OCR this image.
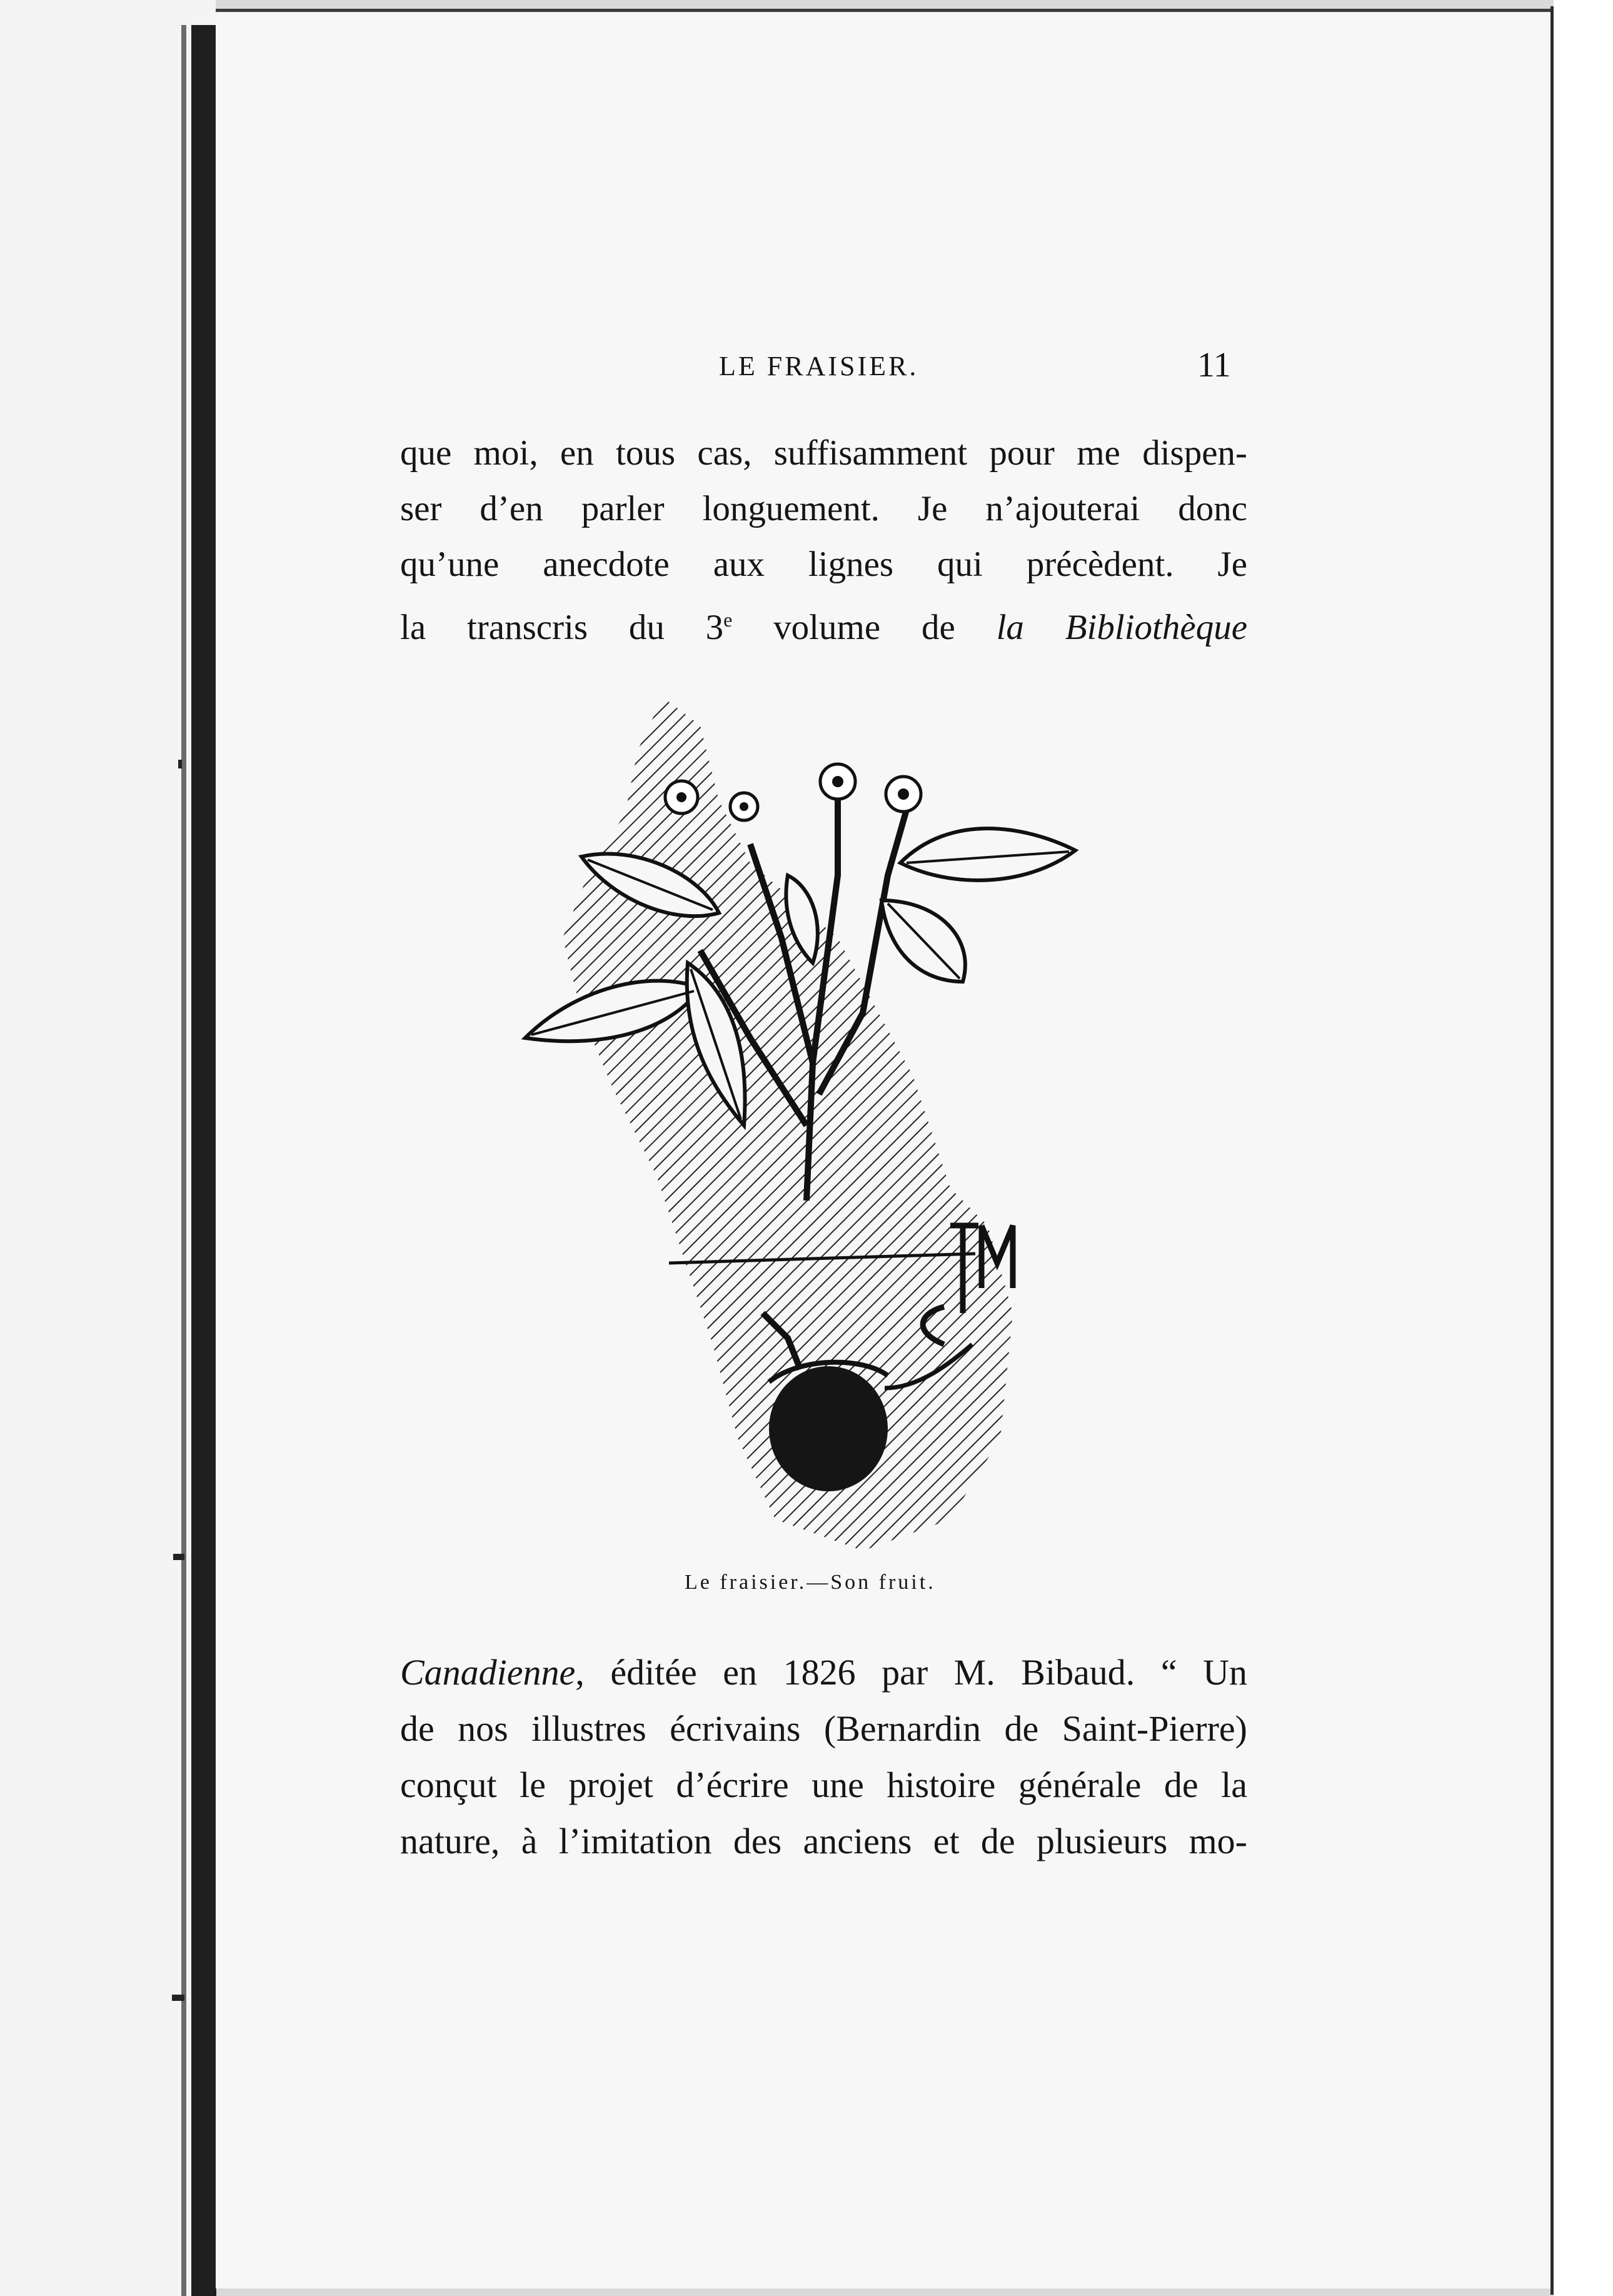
LE FRAISIER.	11
que moi, en tous cas, suffisamment pour me dispen-
ser d’en parler longuement. Je n’ajouterai donc
qu’une anecdote aux lignes qui précèdent. Je
la transcris du 3e volume de la Bibliothèque
Le fraisier.—Son fruit.
Canadienne, éditée en 1826 par M. Bibaud. “ Un
de nos illustres écrivains (Bernardin de Saint-Pierre)
conçut le projet d’écrire une histoire générale de la
nature, à l’imitation des anciens et de plusieurs mo-
